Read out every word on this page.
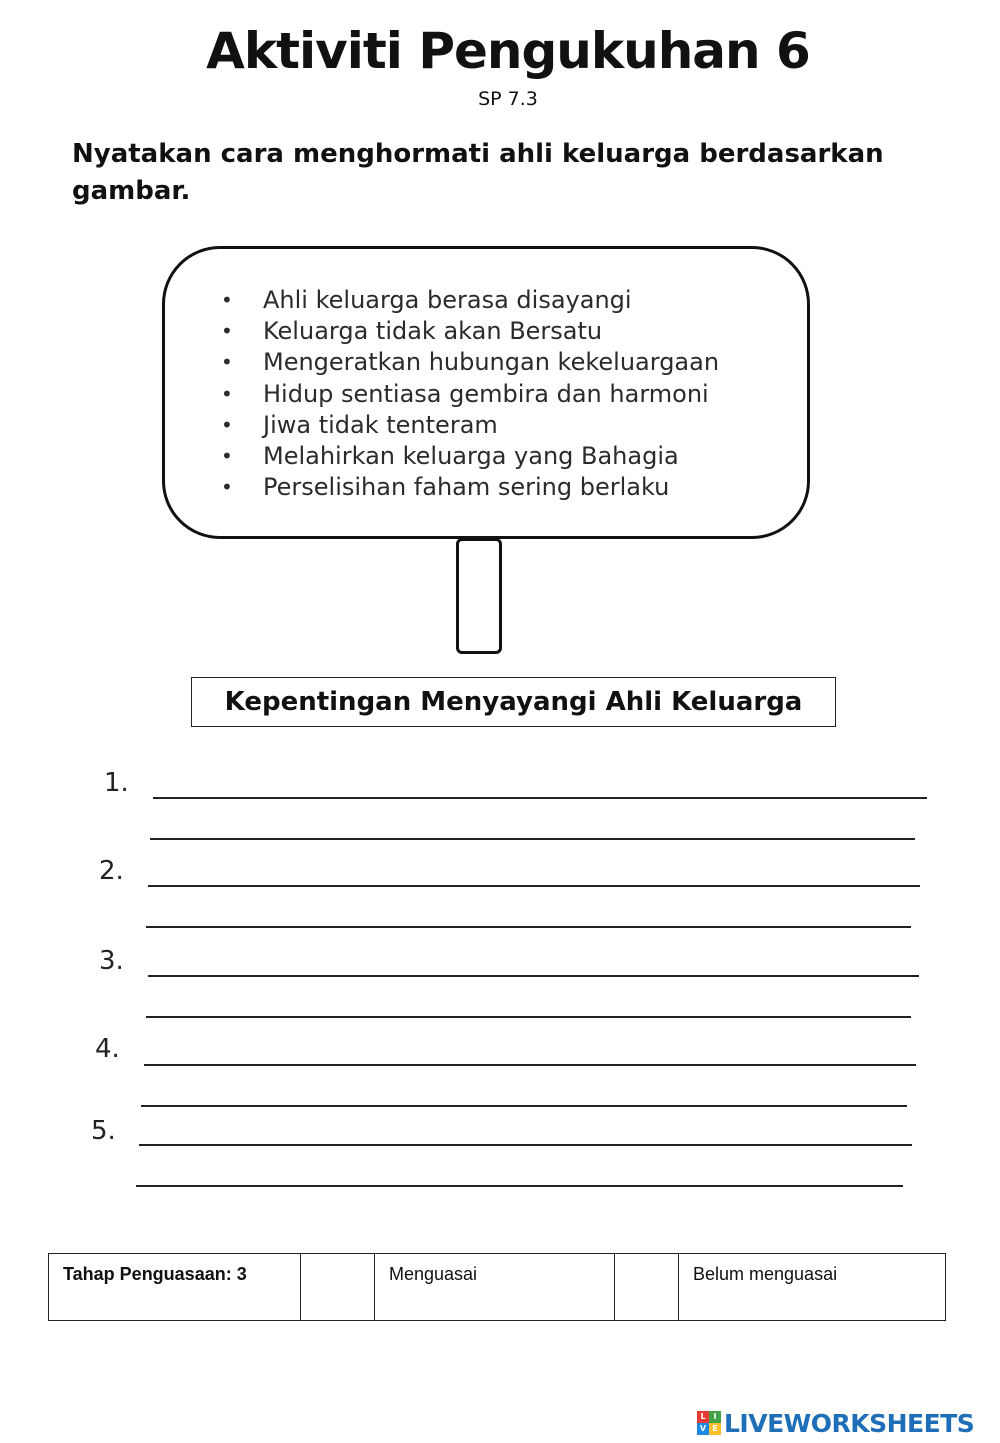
Aktiviti Pengukuhan 6
SP 7.3
Nyatakan cara menghormati ahli keluarga berdasarkan gambar.
• Ahli keluarga berasa disayangi
• Keluarga tidak akan Bersatu
• Mengeratkan hubungan kekeluargaan
• Hidup sentiasa gembira dan harmoni
• Jiwa tidak tenteram
• Melahirkan keluarga yang Bahagia
• Perselisihan faham sering berlaku
Kepentingan Menyayangi Ahli Keluarga
1.
2.
3.
4.
5.
Tahap Penguasaan: 3		Menguasai		Belum menguasai
L I
V E LIVEWORKSHEETS
